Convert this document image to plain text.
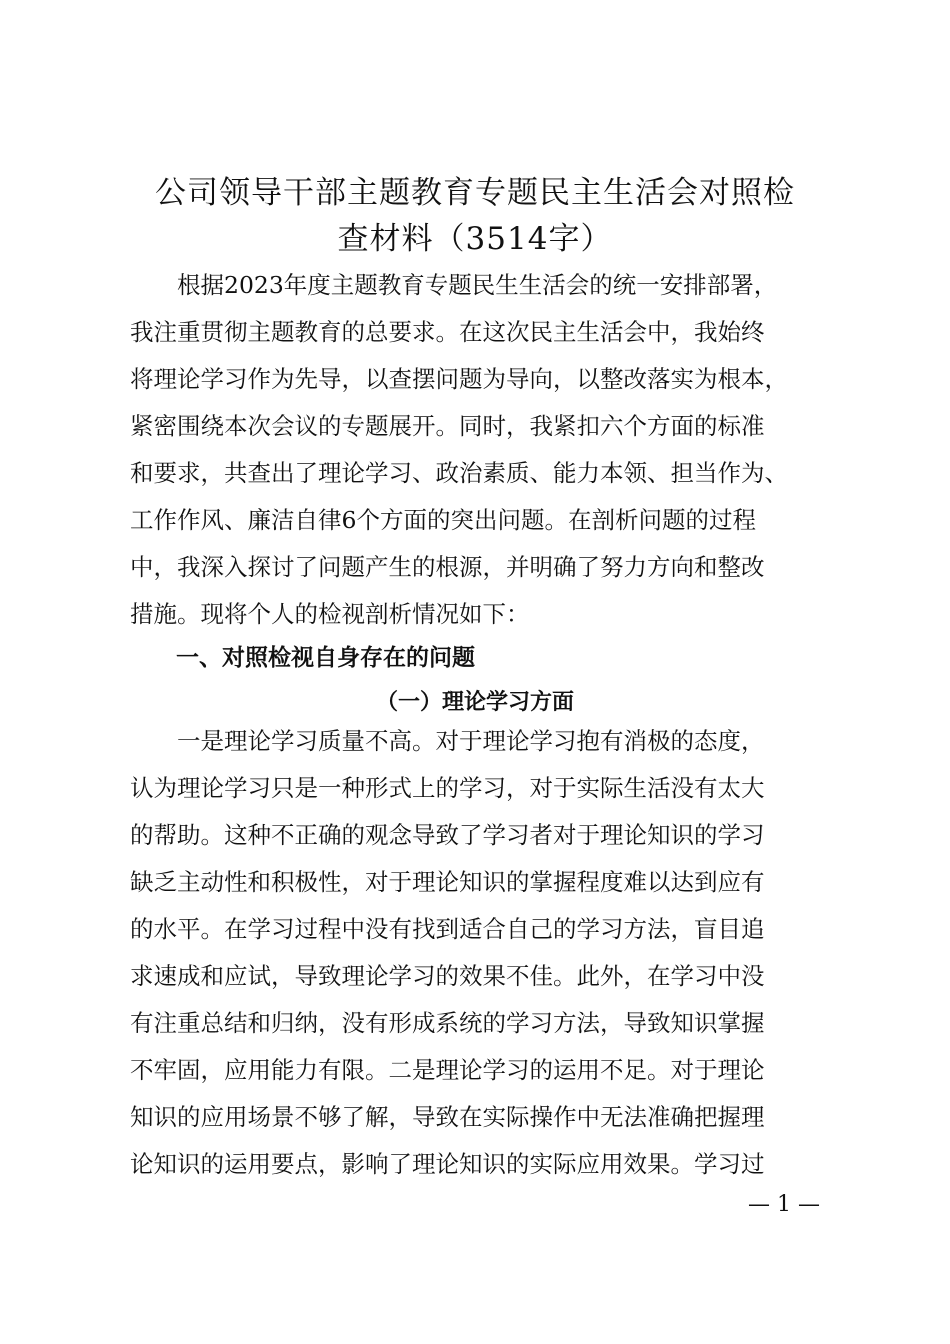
公司领导干部主题教育专题民主生活会对照检
查材料（3514字）

　　根据2023年度主题教育专题民生生活会的统一安排部署，
我注重贯彻主题教育的总要求。在这次民主生活会中，我始终
将理论学习作为先导，以查摆问题为导向，以整改落实为根本，
紧密围绕本次会议的专题展开。同时，我紧扣六个方面的标准
和要求，共查出了理论学习、政治素质、能力本领、担当作为、
工作作风、廉洁自律6个方面的突出问题。在剖析问题的过程
中，我深入探讨了问题产生的根源，并明确了努力方向和整改
措施。现将个人的检视剖析情况如下：

一、对照检视自身存在的问题
（一）理论学习方面

　　一是理论学习质量不高。对于理论学习抱有消极的态度，
认为理论学习只是一种形式上的学习，对于实际生活没有太大
的帮助。这种不正确的观念导致了学习者对于理论知识的学习
缺乏主动性和积极性，对于理论知识的掌握程度难以达到应有
的水平。在学习过程中没有找到适合自己的学习方法，盲目追
求速成和应试，导致理论学习的效果不佳。此外，在学习中没
有注重总结和归纳，没有形成系统的学习方法，导致知识掌握
不牢固，应用能力有限。二是理论学习的运用不足。对于理论
知识的应用场景不够了解，导致在实际操作中无法准确把握理
论知识的运用要点，影响了理论知识的实际应用效果。学习过

— 1 —
